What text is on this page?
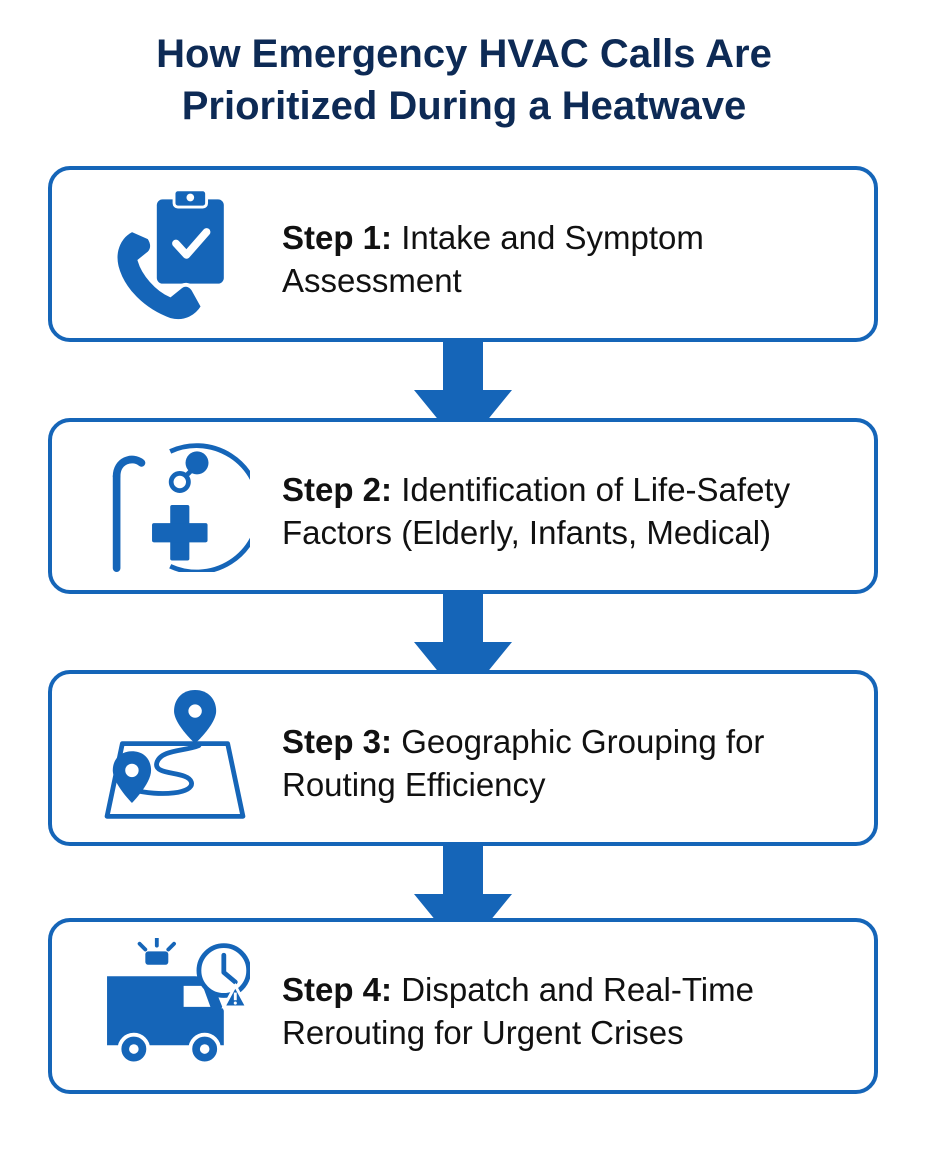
How Emergency HVAC Calls Are
Prioritized During a Heatwave
Step 1: Intake and Symptom
Assessment
Step 2: Identification of Life-Safety
Factors (Elderly, Infants, Medical)
Step 3: Geographic Grouping for
Routing Efficiency
Step 4: Dispatch and Real-Time
Rerouting for Urgent Crises
